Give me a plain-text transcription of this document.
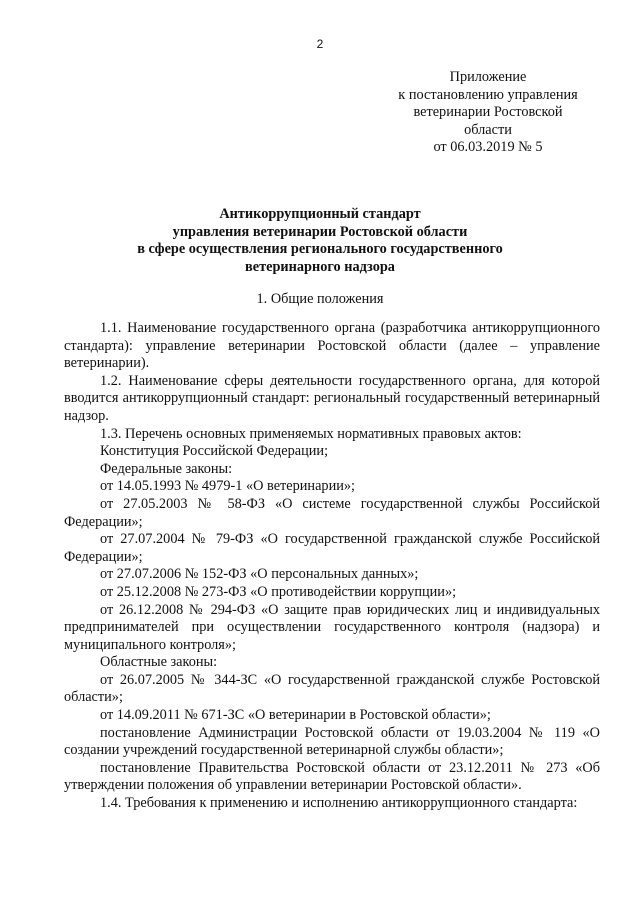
2
Приложение
к постановлению управления
ветеринарии Ростовской
области
от 06.03.2019 № 5
Антикоррупционный стандарт
управления ветеринарии Ростовской области
в сфере осуществления регионального государственного
ветеринарного надзора
1. Общие положения

1.1. Наименование государственного органа (разработчика антикоррупционного стандарта): управление ветеринарии Ростовской области (далее – управление ветеринарии).

1.2. Наименование сферы деятельности государственного органа, для которой вводится антикоррупционный стандарт: региональный государственный ветеринарный надзор.

1.3. Перечень основных применяемых нормативных правовых актов:

Конституция Российской Федерации;

Федеральные законы:

от 14.05.1993 № 4979-1 «О ветеринарии»;

от 27.05.2003 № 58-ФЗ «О системе государственной службы Российской Федерации»;

от 27.07.2004 № 79-ФЗ «О государственной гражданской службе Российской Федерации»;

от 27.07.2006 № 152-ФЗ «О персональных данных»;

от 25.12.2008 № 273-ФЗ «О противодействии коррупции»;

от 26.12.2008 № 294-ФЗ «О защите прав юридических лиц и индивидуальных предпринимателей при осуществлении государственного контроля (надзора) и муниципального контроля»;

Областные законы:

от 26.07.2005 № 344-ЗС «О государственной гражданской службе Ростовской области»;

от 14.09.2011 № 671-ЗС «О ветеринарии в Ростовской области»;

постановление Администрации Ростовской области от 19.03.2004 № 119 «О создании учреждений государственной ветеринарной службы области»;

постановление Правительства Ростовской области от 23.12.2011 № 273 «Об утверждении положения об управлении ветеринарии Ростовской области».

1.4. Требования к применению и исполнению антикоррупционного стандарта:
